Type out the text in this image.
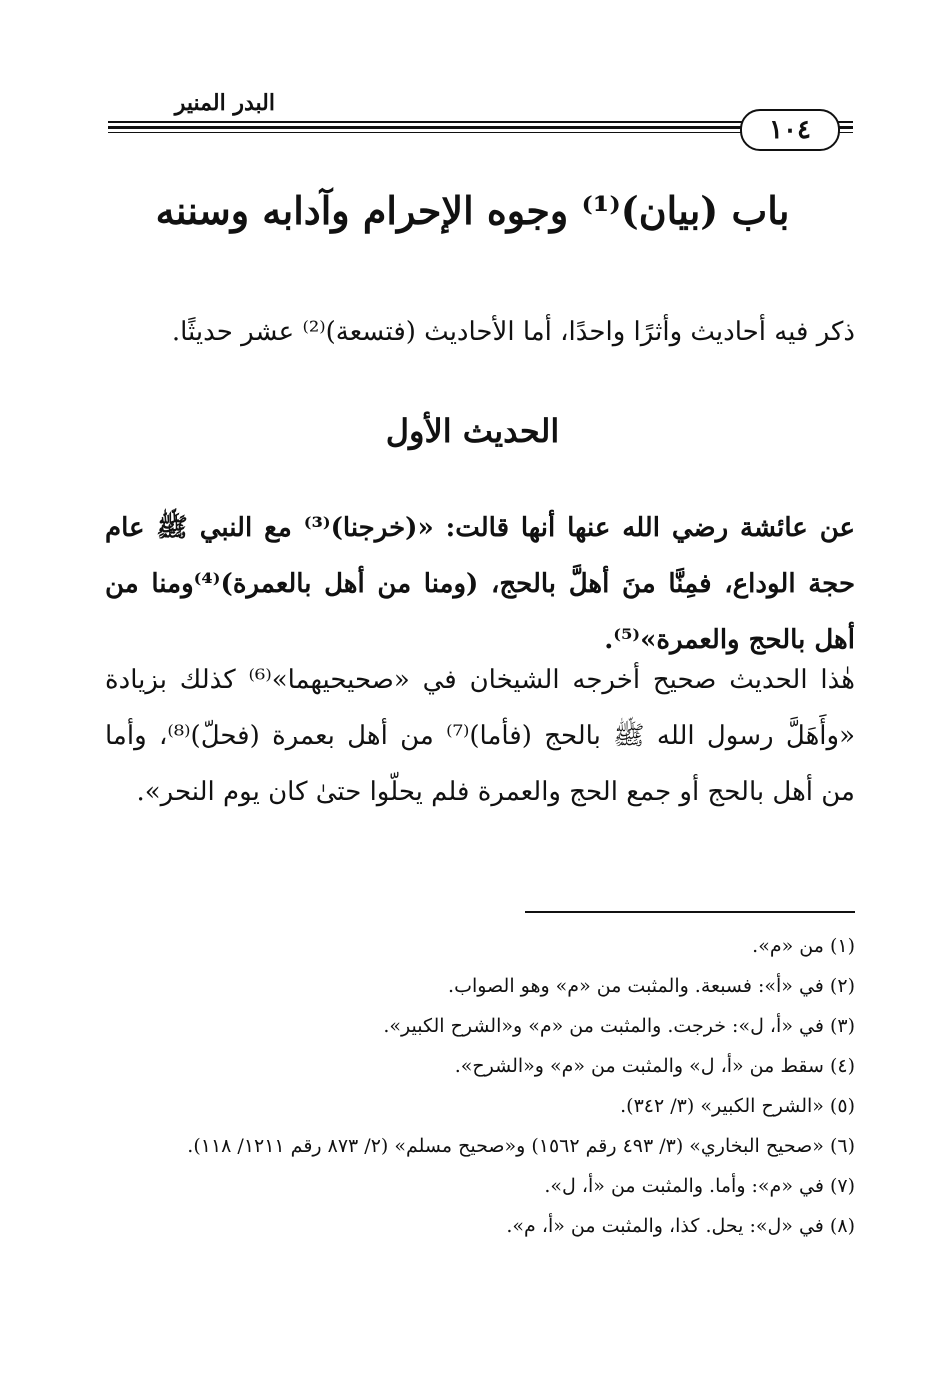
١٠٤
البدر المنير
باب (بيان)⁽¹⁾ وجوه الإحرام وآدابه وسننه

ذكر فيه أحاديث وأثرًا واحدًا، أما الأحاديث (فتسعة)⁽²⁾ عشر حديثًا.

الحديث الأول

عن عائشة رضي الله عنها أنها قالت: «(خرجنا)⁽³⁾ مع النبي ﷺ عام حجة الوداع، فمِنَّا منَ أهلَّ بالحج، (ومنا من أهل بالعمرة)⁽⁴⁾ومنا من أهل بالحج والعمرة»⁽⁵⁾.

هٰذا الحديث صحيح أخرجه الشيخان في «صحيحيهما»⁽⁶⁾ كذلك بزيادة «وأَهَلَّ رسول الله ﷺ بالحج (فأما)⁽⁷⁾ من أهل بعمرة (فحلّ)⁽⁸⁾، وأما من أهل بالحج أو جمع الحج والعمرة فلم يحلّوا حتىٰ كان يوم النحر».

(١) من «م».
(٢) في «أ»: فسبعة. والمثبت من «م» وهو الصواب.
(٣) في «أ، ل»: خرجت. والمثبت من «م» و«الشرح الكبير».
(٤) سقط من «أ، ل» والمثبت من «م» و«الشرح».
(٥) «الشرح الكبير» (٣/ ٣٤٢).
(٦) «صحيح البخاري» (٣/ ٤٩٣ رقم ١٥٦٢) و«صحيح مسلم» (٢/ ٨٧٣ رقم ١٢١١/ ١١٨).
(٧) في «م»: وأما. والمثبت من «أ، ل».
(٨) في «ل»: يحل. كذا، والمثبت من «أ، م».
